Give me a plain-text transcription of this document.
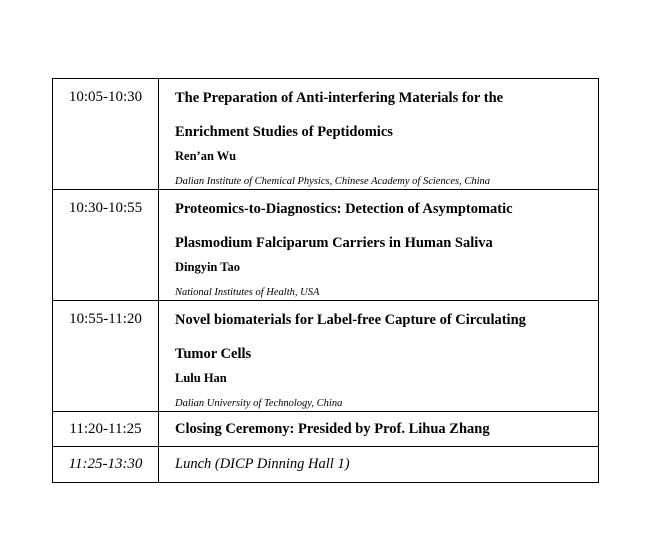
10:05-10:30	The Preparation of Anti-interfering Materials for the
Enrichment Studies of Peptidomics
Ren’an Wu
Dalian Institute of Chemical Physics, Chinese Academy of Sciences, China

10:30-10:55	Proteomics-to-Diagnostics: Detection of Asymptomatic
Plasmodium Falciparum Carriers in Human Saliva
Dingyin Tao
National Institutes of Health, USA

10:55-11:20	Novel biomaterials for Label-free Capture of Circulating
Tumor Cells
Lulu Han
Dalian University of Technology, China

11:20-11:25	Closing Ceremony: Presided by Prof. Lihua Zhang
11:25-13:30	Lunch (DICP Dinning Hall 1)
